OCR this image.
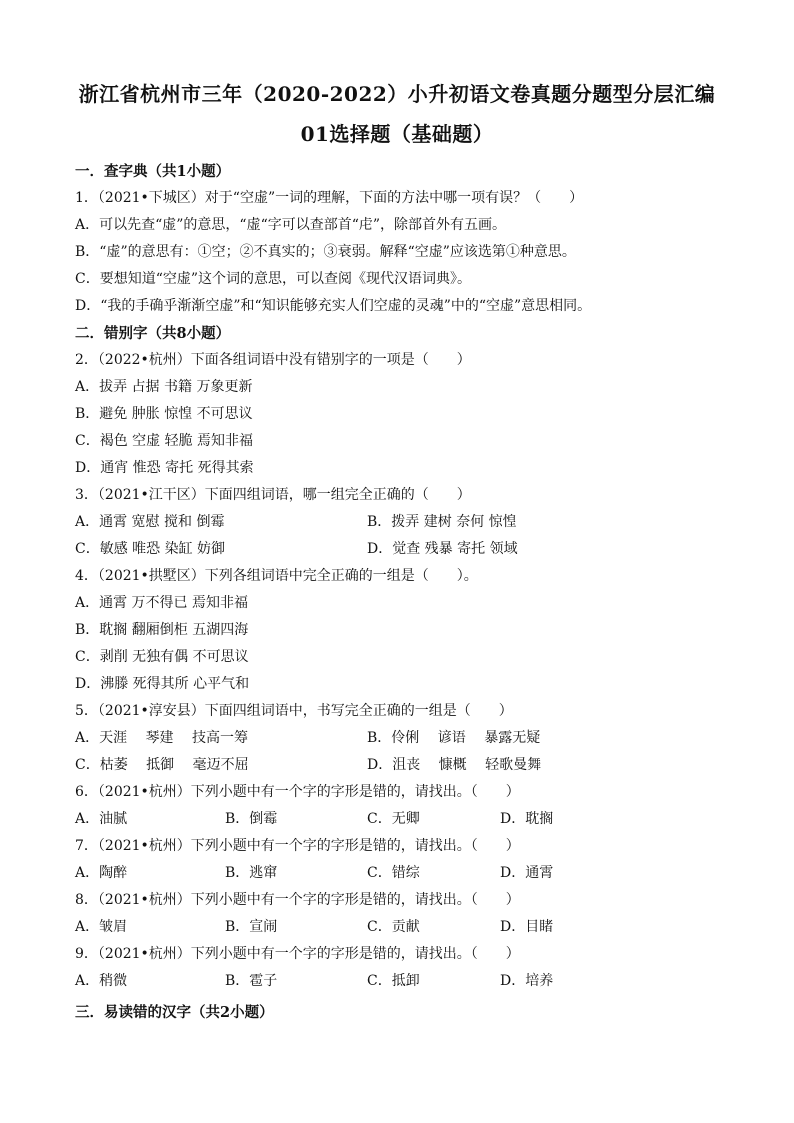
浙江省杭州市三年（2020-2022）小升初语文卷真题分题型分层汇编
01选择题（基础题）
一．查字典（共1小题）
1．（2021•下城区）对于“空虚”一词的理解，下面的方法中哪一项有误？（　　）
A．可以先查“虚”的意思，“虚“字可以查部首“虍”，除部首外有五画。
B．“虚”的意思有：①空；②不真实的；③衰弱。解释“空虚”应该选第①种意思。
C．要想知道“空虚”这个词的意思，可以查阅《现代汉语词典》。
D．“我的手确乎渐渐空虚”和“知识能够充实人们空虚的灵魂”中的“空虚”意思相同。
二．错别字（共8小题）
2．（2022•杭州）下面各组词语中没有错别字的一项是（　　）
A．拔弄 占据 书籍 万象更新
B．避免 肿胀 惊惶 不可思议
C．褐色 空虚 轻脆 焉知非福
D．通宵 惟恐 寄托 死得其索
3．（2021•江干区）下面四组词语，哪一组完全正确的（　　）
A．通霄 宽慰 搅和 倒霉	B．拨弄 建树 奈何 惊惶
C．敏感 唯恐 染缸 妨御	D．觉查 残暴 寄托 领域
4．（2021•拱墅区）下列各组词语中完全正确的一组是（　　）。
A．通霄 万不得已 焉知非福
B．耽搁 翻厢倒柜 五湖四海
C．剥削 无独有偶 不可思议
D．沸滕 死得其所 心平气和
5．（2021•淳安县）下面四组词语中，书写完全正确的一组是（　　）
A．天涯　 琴建　 技高一筹	B．伶俐　 谚语　 暴露无疑
C．枯萎　 抵御　 毫迈不屈	D．沮丧　 慷概　 轻歌曼舞
6．（2021•杭州）下列小题中有一个字的字形是错的，请找出。（　　）
A．油腻	B．倒霉	C．无卿	D．耽搁
7．（2021•杭州）下列小题中有一个字的字形是错的，请找出。（　　）
A．陶醉	B．逃窜	C．错综	D．通霄
8．（2021•杭州）下列小题中有一个字的字形是错的，请找出。（　　）
A．皱眉	B．宣闹	C．贡献	D．目睹
9．（2021•杭州）下列小题中有一个字的字形是错的，请找出。（　　）
A．稍微	B．雹子	C．抵卸	D．培养
三．易读错的汉字（共2小题）
